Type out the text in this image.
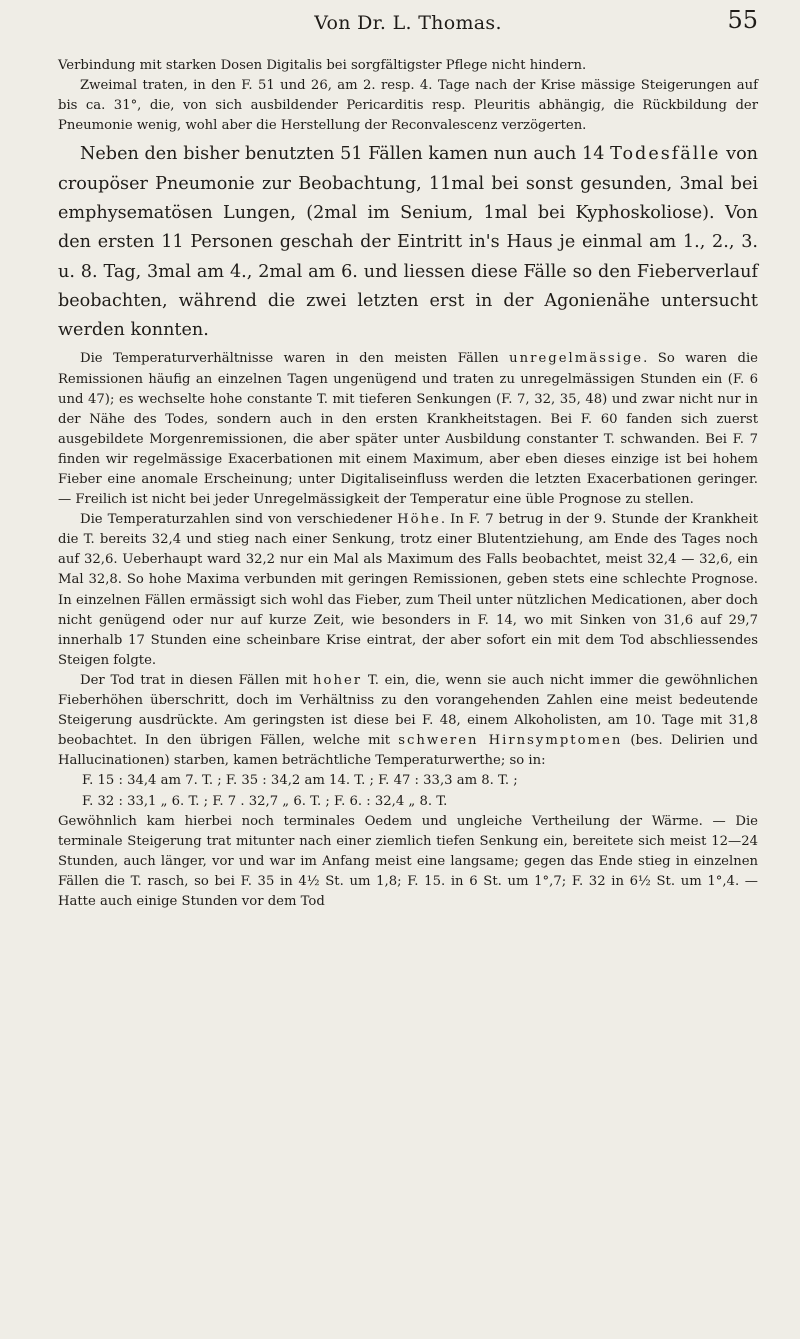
Von Dr. L. Thomas.	55

Verbindung mit starken Dosen Digitalis bei sorgfältigster Pflege nicht hindern.

Zweimal traten, in den F. 51 und 26, am 2. resp. 4. Tage nach der Krise mässige Steigerungen auf bis ca. 31°, die, von sich ausbildender Pericarditis resp. Pleuritis abhängig, die Rückbildung der Pneumonie wenig, wohl aber die Herstellung der Reconvalescenz verzögerten.

Neben den bisher benutzten 51 Fällen kamen nun auch 14 Todesfälle von croupöser Pneumonie zur Beobachtung, 11mal bei sonst gesunden, 3mal bei emphysematösen Lungen, (2mal im Senium, 1mal bei Kyphoskoliose). Von den ersten 11 Personen geschah der Eintritt in's Haus je einmal am 1., 2., 3. u. 8. Tag, 3mal am 4., 2mal am 6. und liessen diese Fälle so den Fieberverlauf beobachten, während die zwei letzten erst in der Agonienähe untersucht werden konnten.

Die Temperaturverhältnisse waren in den meisten Fällen unregelmässige. So waren die Remissionen häufig an einzelnen Tagen ungenügend und traten zu unregelmässigen Stunden ein (F. 6 und 47); es wechselte hohe constante T. mit tieferen Senkungen (F. 7, 32, 35, 48) und zwar nicht nur in der Nähe des Todes, sondern auch in den ersten Krankheitstagen. Bei F. 60 fanden sich zuerst ausgebildete Morgenremissionen, die aber später unter Ausbildung constanter T. schwanden. Bei F. 7 finden wir regelmässige Exacerbationen mit einem Maximum, aber eben dieses einzige ist bei hohem Fieber eine anomale Erscheinung; unter Digitaliseinfluss werden die letzten Exacerbationen geringer. — Freilich ist nicht bei jeder Unregelmässigkeit der Temperatur eine üble Prognose zu stellen.

Die Temperaturzahlen sind von verschiedener Höhe. In F. 7 betrug in der 9. Stunde der Krankheit die T. bereits 32,4 und stieg nach einer Senkung, trotz einer Blutentziehung, am Ende des Tages noch auf 32,6. Ueberhaupt ward 32,2 nur ein Mal als Maximum des Falls beobachtet, meist 32,4 — 32,6, ein Mal 32,8. So hohe Maxima verbunden mit geringen Remissionen, geben stets eine schlechte Prognose. In einzelnen Fällen ermässigt sich wohl das Fieber, zum Theil unter nützlichen Medicationen, aber doch nicht genügend oder nur auf kurze Zeit, wie besonders in F. 14, wo mit Sinken von 31,6 auf 29,7 innerhalb 17 Stunden eine scheinbare Krise eintrat, der aber sofort ein mit dem Tod abschliessendes Steigen folgte.

Der Tod trat in diesen Fällen mit hoher T. ein, die, wenn sie auch nicht immer die gewöhnlichen Fieberhöhen überschritt, doch im Verhältniss zu den vorangehenden Zahlen eine meist bedeutende Steigerung ausdrückte. Am geringsten ist diese bei F. 48, einem Alkoholisten, am 10. Tage mit 31,8 beobachtet. In den übrigen Fällen, welche mit schweren Hirnsymptomen (bes. Delirien und Hallucinationen) starben, kamen beträchtliche Temperaturwerthe; so in:

F. 15 : 34,4 am 7. T. ; F. 35 : 34,2 am 14. T. ; F. 47 : 33,3 am 8. T. ;
F. 32 : 33,1 „ 6. T. ; F. 7 . 32,7 „ 6. T. ; F. 6. : 32,4 „ 8. T.

Gewöhnlich kam hierbei noch terminales Oedem und ungleiche Vertheilung der Wärme. — Die terminale Steigerung trat mitunter nach einer ziemlich tiefen Senkung ein, bereitete sich meist 12—24 Stunden, auch länger, vor und war im Anfang meist eine langsame; gegen das Ende stieg in einzelnen Fällen die T. rasch, so bei F. 35 in 4½ St. um 1,8; F. 15. in 6 St. um 1°,7; F. 32 in 6½ St. um 1°,4. — Hatte auch einige Stunden vor dem Tod
